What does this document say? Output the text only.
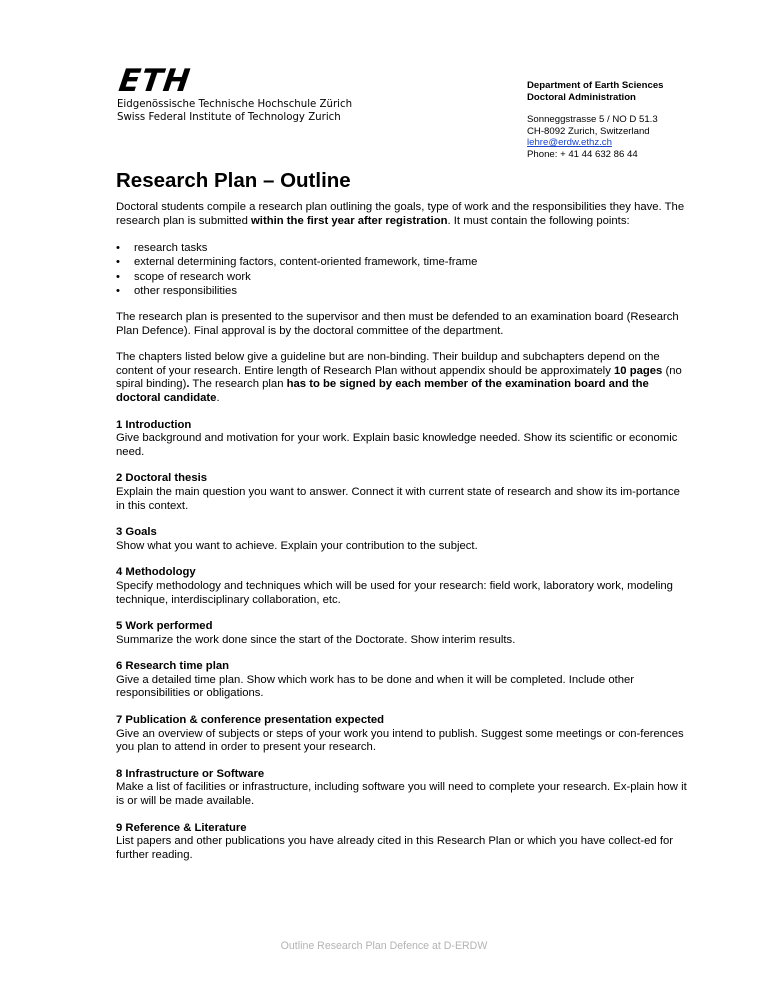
ETH
Eidgenössische Technische Hochschule Zürich
Swiss Federal Institute of Technology Zurich
Department of Earth Sciences
Doctoral Administration
Sonneggstrasse 5 / NO D 51.3
CH-8092 Zurich, Switzerland
lehre@erdw.ethz.ch
Phone: + 41 44 632 86 44
Research Plan – Outline

Doctoral students compile a research plan outlining the goals, type of work and the responsibilities they have. The research plan is submitted within the first year after registration. It must contain the following points:

• research tasks
• external determining factors, content-oriented framework, time-frame
• scope of research work
• other responsibilities

The research plan is presented to the supervisor and then must be defended to an examination board (Research Plan Defence). Final approval is by the doctoral committee of the department.

The chapters listed below give a guideline but are non-binding. Their buildup and subchapters depend on the content of your research. Entire length of Research Plan without appendix should be approximately 10 pages (no spiral binding). The research plan has to be signed by each member of the examination board and the doctoral candidate.

1 Introduction
Give background and motivation for your work. Explain basic knowledge needed. Show its scientific or economic need.
2 Doctoral thesis
Explain the main question you want to answer. Connect it with current state of research and show its im-portance in this context.
3 Goals
Show what you want to achieve. Explain your contribution to the subject.
4 Methodology
Specify methodology and techniques which will be used for your research: field work, laboratory work, modeling technique, interdisciplinary collaboration, etc.
5 Work performed
Summarize the work done since the start of the Doctorate. Show interim results.
6 Research time plan
Give a detailed time plan. Show which work has to be done and when it will be completed. Include other responsibilities or obligations.
7 Publication & conference presentation expected
Give an overview of subjects or steps of your work you intend to publish. Suggest some meetings or con-ferences you plan to attend in order to present your research.
8 Infrastructure or Software
Make a list of facilities or infrastructure, including software you will need to complete your research. Ex-plain how it is or will be made available.
9 Reference & Literature
List papers and other publications you have already cited in this Research Plan or which you have collect-ed for further reading.
Outline Research Plan Defence at D-ERDW
